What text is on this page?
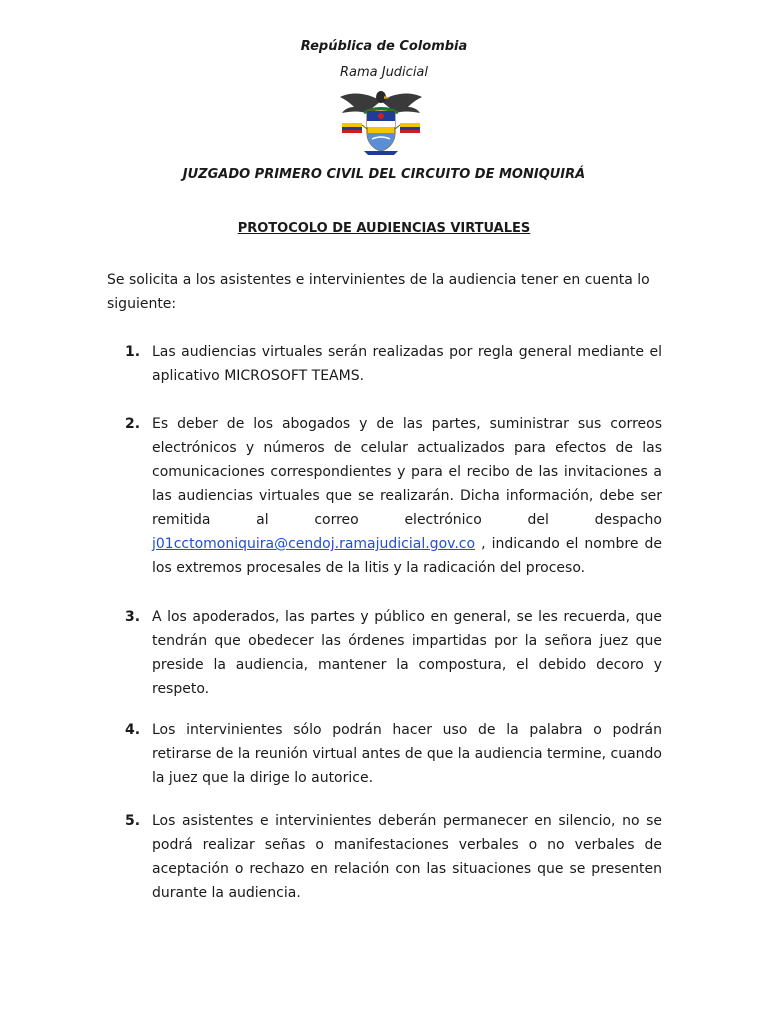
República de Colombia
Rama Judicial
JUZGADO PRIMERO CIVIL DEL CIRCUITO DE MONIQUIRÁ
PROTOCOLO DE AUDIENCIAS VIRTUALES
Se solicita a los asistentes e intervinientes de la audiencia tener en cuenta lo siguiente:
1. Las audiencias virtuales serán realizadas por regla general mediante el aplicativo MICROSOFT TEAMS.
2. Es deber de los abogados y de las partes, suministrar sus correos electrónicos y números de celular actualizados para efectos de las comunicaciones correspondientes y para el recibo de las invitaciones a las audiencias virtuales que se realizarán. Dicha información, debe ser remitida al correo electrónico del despacho j01cctomoniquira@cendoj.ramajudicial.gov.co , indicando el nombre de los extremos procesales de la litis y la radicación del proceso.
3. A los apoderados, las partes y público en general, se les recuerda, que tendrán que obedecer las órdenes impartidas por la señora juez que preside la audiencia, mantener la compostura, el debido decoro y respeto.
4. Los intervinientes sólo podrán hacer uso de la palabra o podrán retirarse de la reunión virtual antes de que la audiencia termine, cuando la juez que la dirige lo autorice.
5. Los asistentes e intervinientes deberán permanecer en silencio, no se podrá realizar señas o manifestaciones verbales o no verbales de aceptación o rechazo en relación con las situaciones que se presenten durante la audiencia.
